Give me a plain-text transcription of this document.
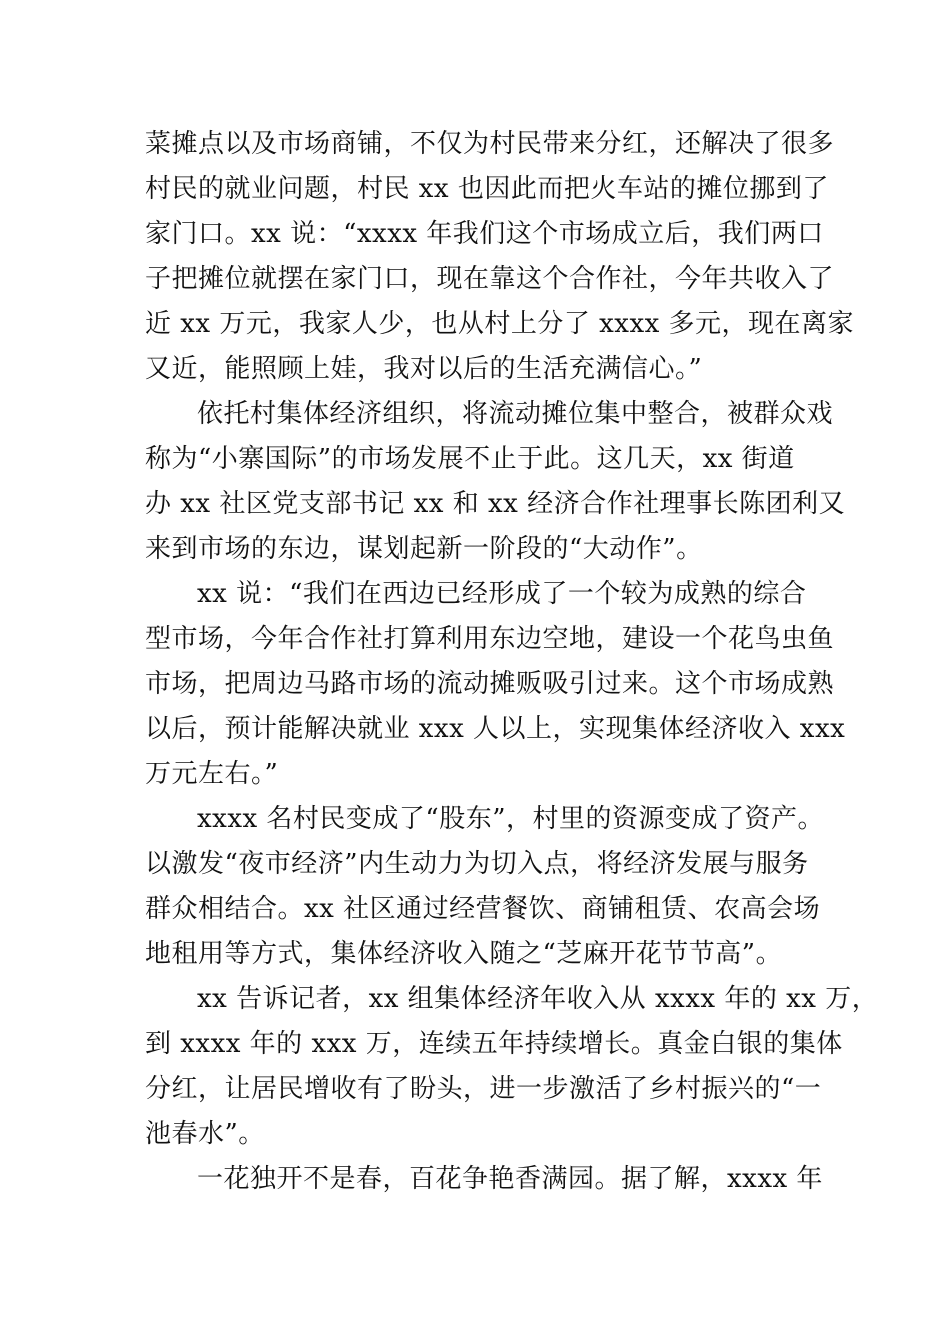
菜摊点以及市场商铺，不仅为村民带来分红，还解决了很多
村民的就业问题，村民 xx 也因此而把火车站的摊位挪到了
家门口。xx 说：“xxxx 年我们这个市场成立后，我们两口
子把摊位就摆在家门口，现在靠这个合作社，今年共收入了
近 xx 万元，我家人少，也从村上分了 xxxx 多元，现在离家
又近，能照顾上娃，我对以后的生活充满信心。”
依托村集体经济组织，将流动摊位集中整合，被群众戏
称为“小寨国际”的市场发展不止于此。这几天，xx 街道
办 xx 社区党支部书记 xx 和 xx 经济合作社理事长陈团利又
来到市场的东边，谋划起新一阶段的“大动作”。
xx 说：“我们在西边已经形成了一个较为成熟的综合
型市场，今年合作社打算利用东边空地，建设一个花鸟虫鱼
市场，把周边马路市场的流动摊贩吸引过来。这个市场成熟
以后，预计能解决就业 xxx 人以上，实现集体经济收入 xxx
万元左右。”
xxxx 名村民变成了“股东”，村里的资源变成了资产。
以激发“夜市经济”内生动力为切入点，将经济发展与服务
群众相结合。xx 社区通过经营餐饮、商铺租赁、农高会场
地租用等方式，集体经济收入随之“芝麻开花节节高”。
xx 告诉记者，xx 组集体经济年收入从 xxxx 年的 xx 万，
到 xxxx 年的 xxx 万，连续五年持续增长。真金白银的集体
分红，让居民增收有了盼头，进一步激活了乡村振兴的“一
池春水”。
一花独开不是春，百花争艳香满园。据了解，xxxx 年
